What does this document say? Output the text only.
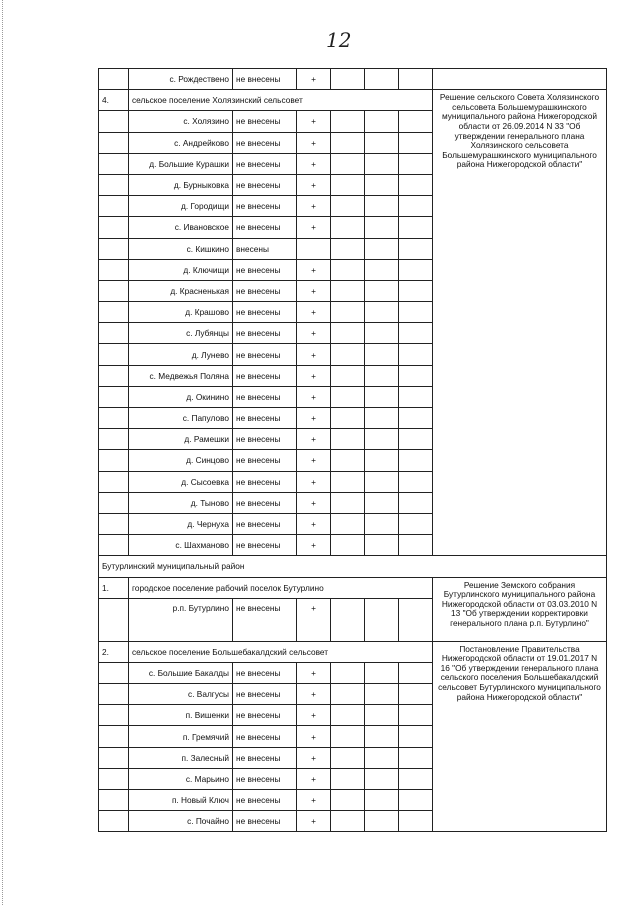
12
	с. Рождествено	не внесены	+				
4.	сельское поселение Холязинский сельсовет						Решение сельского Совета Холязинского сельсовета Большемурашкинского муниципального района Нижегородской области от 26.09.2014 N 33 "Об утверждении генерального плана Холязинского сельсовета Большемурашкинского муниципального района Нижегородской области"
	с. Холязино	не внесены	+				
	с. Андрейково	не внесены	+				
	д. Большие Курашки	не внесены	+				
	д. Бурныковка	не внесены	+				
	д. Городищи	не внесены	+				
	с. Ивановское	не внесены	+				
	с. Кишкино	внесены					
	д. Ключищи	не внесены	+				
	д. Красненькая	не внесены	+				
	д. Крашово	не внесены	+				
	с. Лубянцы	не внесены	+				
	д. Лунево	не внесены	+				
	с. Медвежья Поляна	не внесены	+				
	д. Окинино	не внесены	+				
	с. Папулово	не внесены	+				
	д. Рамешки	не внесены	+				
	д. Синцово	не внесены	+				
	д. Сысоевка	не внесены	+				
	д. Тыново	не внесены	+				
	д. Чернуха	не внесены	+				
	с. Шахманово	не внесены	+				
Бутурлинский муниципальный район							
1.	городское поселение рабочий поселок Бутурлино						Решение Земского собрания Бутурлинского муниципального района Нижегородской области от 03.03.2010 N 13 "Об утверждении корректировки генерального плана р.п. Бутурлино"
	р.п. Бутурлино	не внесены	+				
2.	сельское поселение Большебакалдский сельсовет						Постановление Правительства Нижегородской области от 19.01.2017 N 16 "Об утверждении генерального плана сельского поселения Большебакалдский сельсовет Бутурлинского муниципального района Нижегородской области"
	с. Большие Бакалды	не внесены	+				
	с. Валгусы	не внесены	+				
	п. Вишенки	не внесены	+				
	п. Гремячий	не внесены	+				
	п. Залесный	не внесены	+				
	с. Марьино	не внесены	+				
	п. Новый Ключ	не внесены	+				
	с. Почайно	не внесены	+				
